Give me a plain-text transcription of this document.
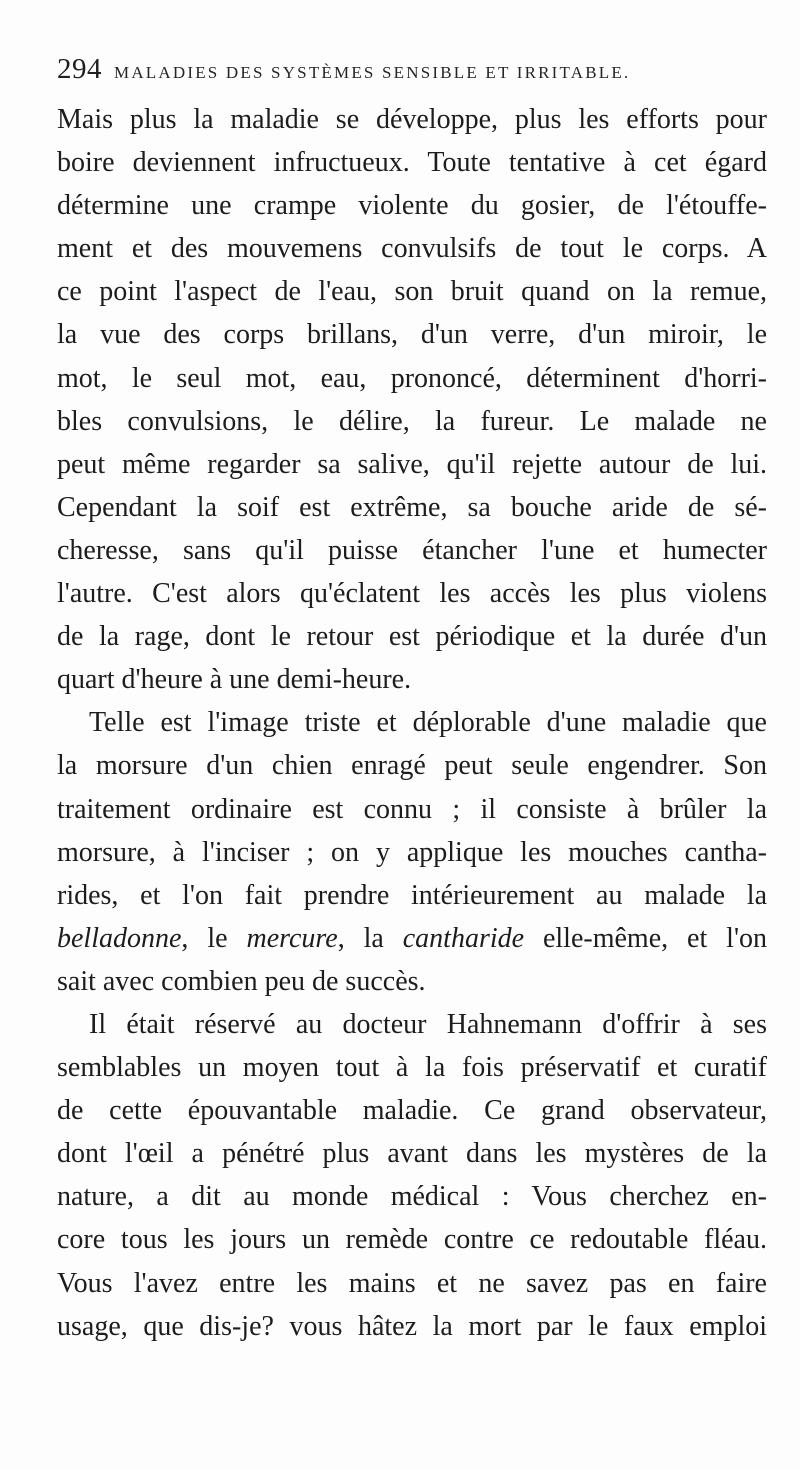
294 MALADIES DES SYSTÈMES SENSIBLE ET IRRITABLE.
Mais plus la maladie se développe, plus les efforts pour
boire deviennent infructueux. Toute tentative à cet égard
détermine une crampe violente du gosier, de l'étouffe-
ment et des mouvemens convulsifs de tout le corps. A
ce point l'aspect de l'eau, son bruit quand on la remue,
la vue des corps brillans, d'un verre, d'un miroir, le
mot, le seul mot, eau, prononcé, déterminent d'horri-
bles convulsions, le délire, la fureur. Le malade ne
peut même regarder sa salive, qu'il rejette autour de lui.
Cependant la soif est extrême, sa bouche aride de sé-
cheresse, sans qu'il puisse étancher l'une et humecter
l'autre. C'est alors qu'éclatent les accès les plus violens
de la rage, dont le retour est périodique et la durée d'un
quart d'heure à une demi-heure.
Telle est l'image triste et déplorable d'une maladie que
la morsure d'un chien enragé peut seule engendrer. Son
traitement ordinaire est connu ; il consiste à brûler la
morsure, à l'inciser ; on y applique les mouches cantha-
rides, et l'on fait prendre intérieurement au malade la
belladonne, le mercure, la cantharide elle-même, et l'on
sait avec combien peu de succès.
Il était réservé au docteur Hahnemann d'offrir à ses
semblables un moyen tout à la fois préservatif et curatif
de cette épouvantable maladie. Ce grand observateur,
dont l'œil a pénétré plus avant dans les mystères de la
nature, a dit au monde médical : Vous cherchez en-
core tous les jours un remède contre ce redoutable fléau.
Vous l'avez entre les mains et ne savez pas en faire
usage, que dis-je? vous hâtez la mort par le faux emploi
